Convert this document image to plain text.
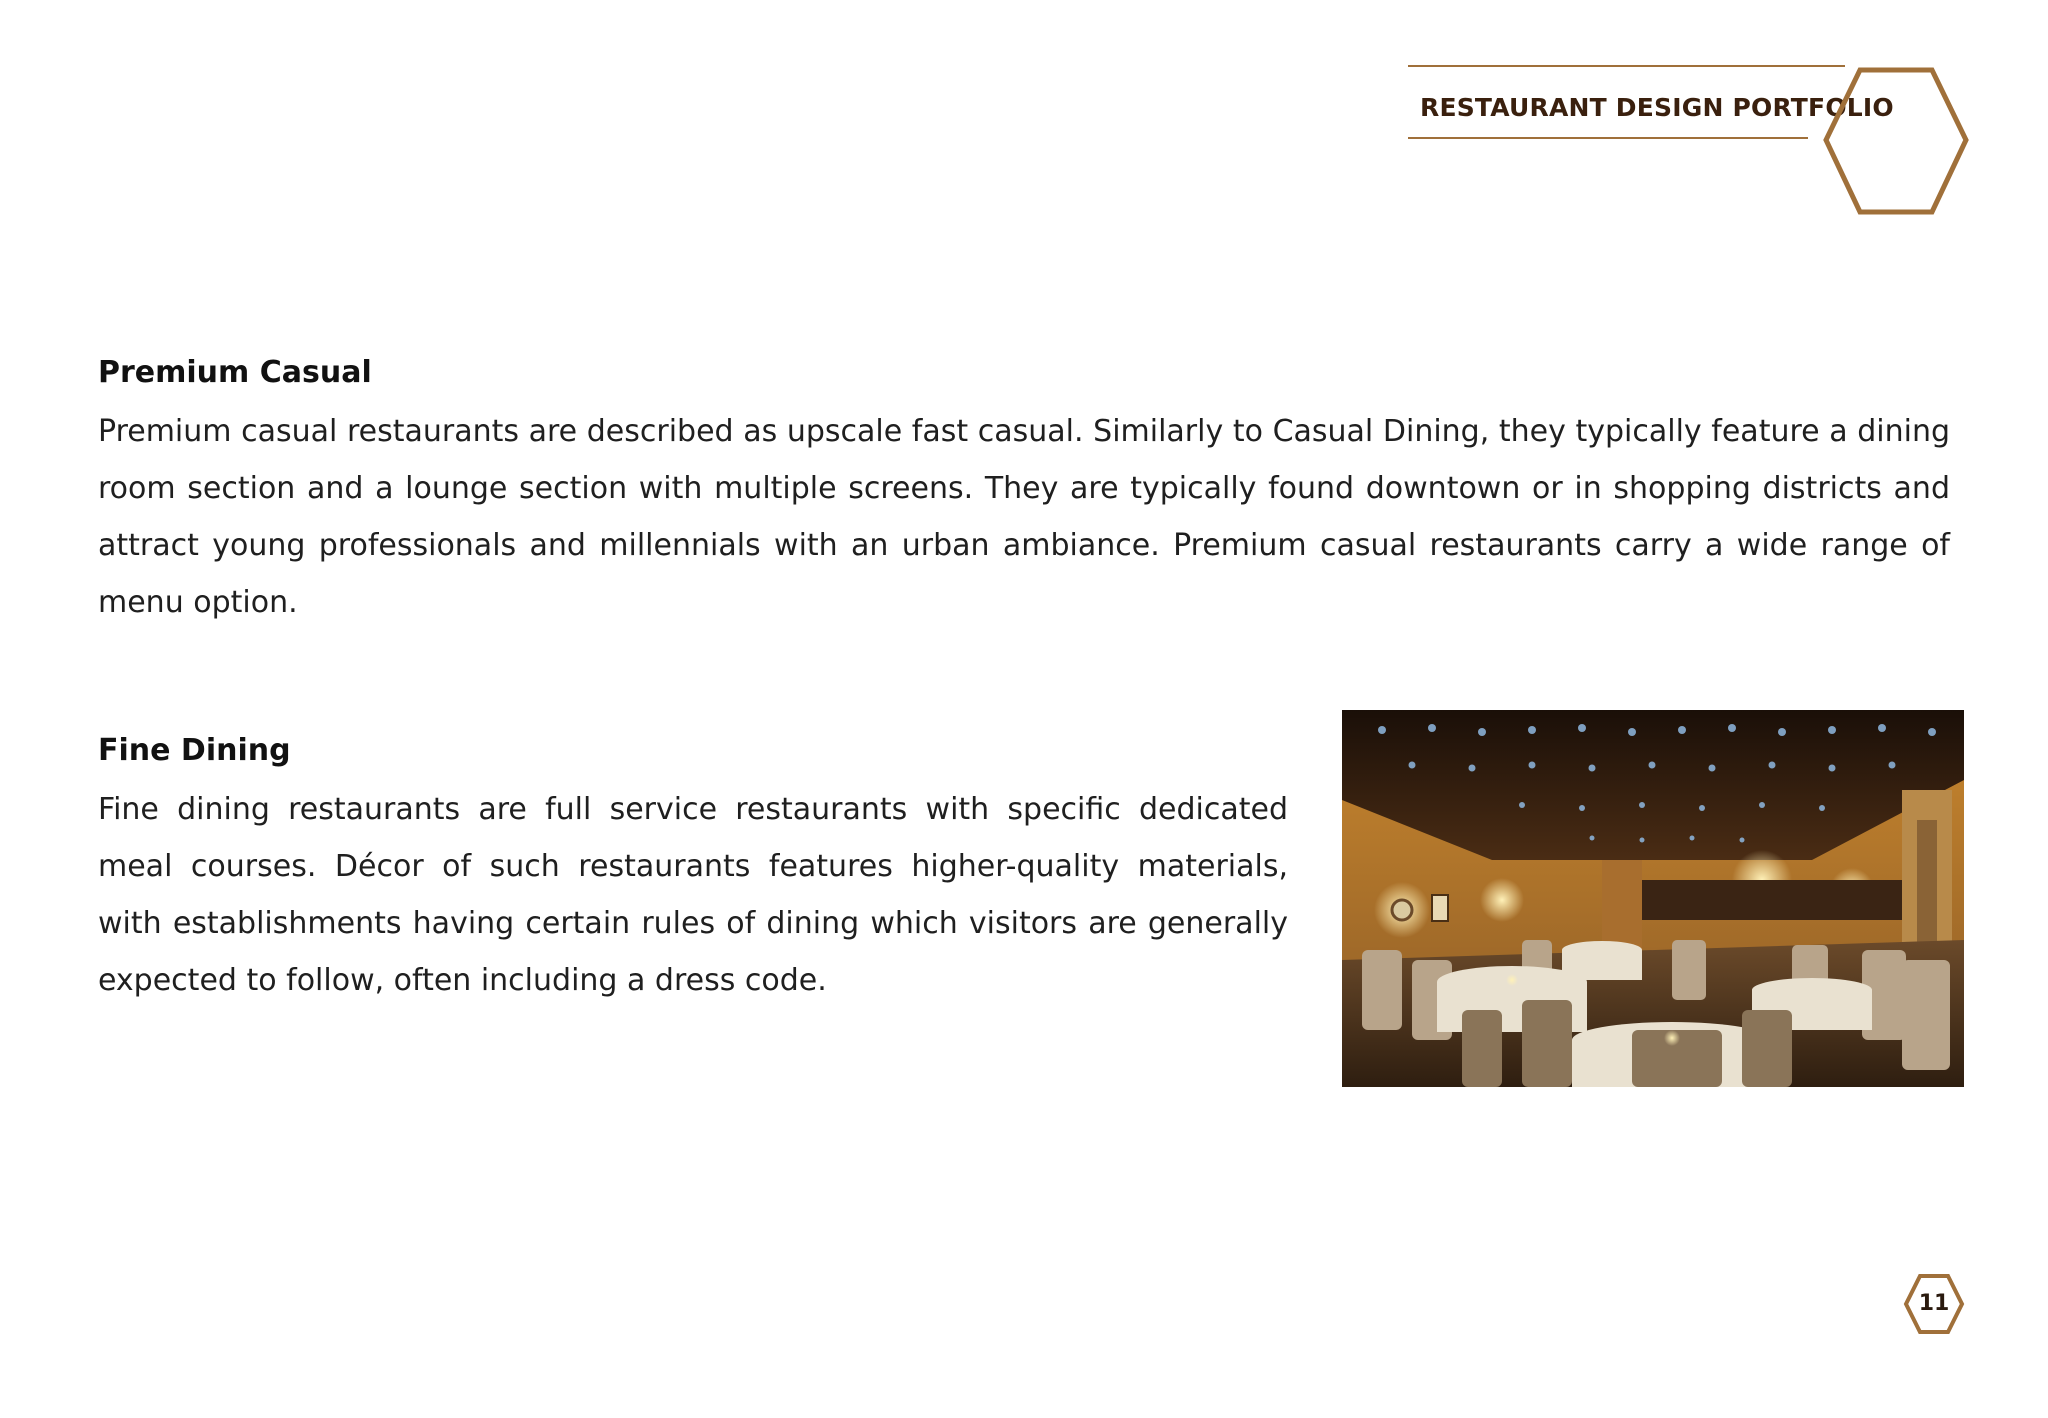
RESTAURANT DESIGN PORTFOLIO
Premium Casual

Premium casual restaurants are described as upscale fast casual. Similarly to Casual Dining, they typically feature a dining room section and a lounge section with multiple screens. They are typically found downtown or in shopping districts and attract young professionals and millennials with an urban ambiance. Premium casual restaurants carry a wide range of menu option.

Fine Dining

Fine dining restaurants are full service restaurants with specific dedicated meal courses. Décor of such restaurants features higher-quality materials, with establishments having certain rules of dining which visitors are generally expected to follow, often including a dress code.

11
